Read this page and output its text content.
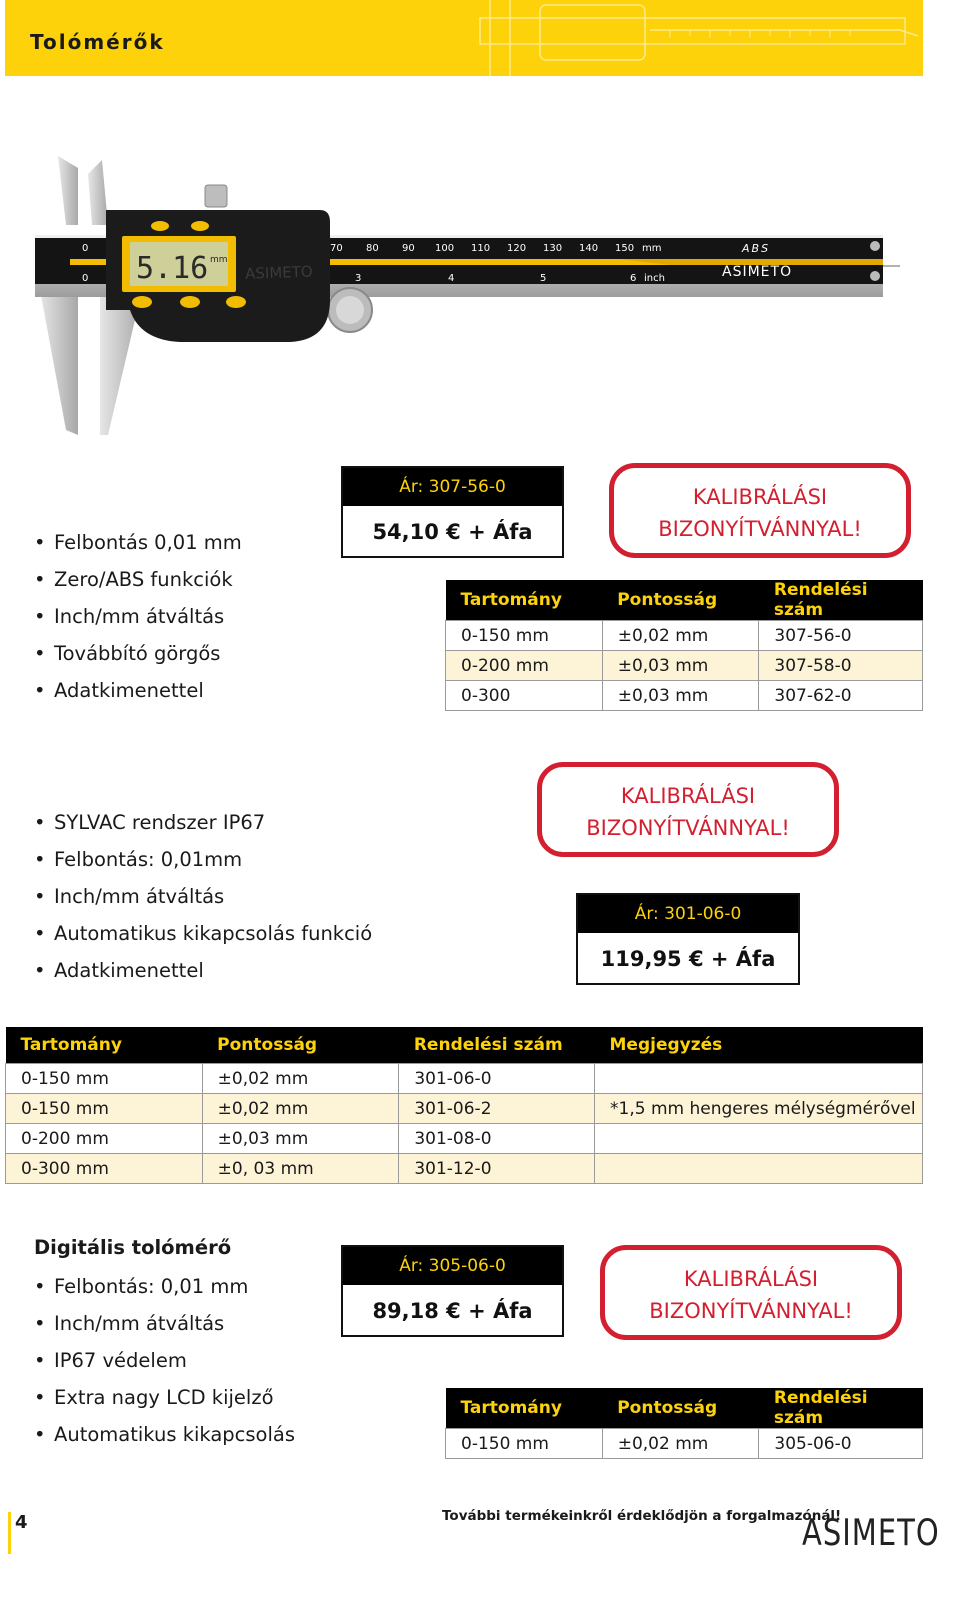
Tolómérők
70 80 90 100 110 120 130 140 150 mm
3	4	5	6 inch
0
0
ABS
ASIMETO
5.16 mm
ASIMETO
• Felbontás 0,01 mm
• Zero/ABS funkciók
• Inch/mm átváltás
• Továbbító görgős
• Adatkimenettel
Ár: 307-56-0
54,10 € + Áfa
KALIBRÁLÁSI
BIZONYÍTVÁNNYAL!
Tartomány	Pontosság	Rendelési szám
0-150 mm	±0,02 mm	307-56-0
0-200 mm	±0,03 mm	307-58-0
0-300	±0,03 mm	307-62-0
• SYLVAC rendszer IP67
• Felbontás: 0,01mm
• Inch/mm átváltás
• Automatikus kikapcsolás funkció
• Adatkimenettel
KALIBRÁLÁSI
BIZONYÍTVÁNNYAL!
Ár: 301-06-0
119,95 € + Áfa
Tartomány	Pontosság	Rendelési szám	Megjegyzés
0-150 mm	±0,02 mm	301-06-0	
0-150 mm	±0,02 mm	301-06-2	*1,5 mm hengeres mélységmérővel
0-200 mm	±0,03 mm	301-08-0	
0-300 mm	±0, 03 mm	301-12-0	
Digitális tolómérő
• Felbontás: 0,01 mm
• Inch/mm átváltás
• IP67 védelem
• Extra nagy LCD kijelző
• Automatikus kikapcsolás
Ár: 305-06-0
89,18 € + Áfa
KALIBRÁLÁSI
BIZONYÍTVÁNNYAL!
Tartomány	Pontosság	Rendelési szám
0-150 mm	±0,02 mm	305-06-0
4	További termékeinkről érdeklődjön a forgalmazónál!
ASIMETO
